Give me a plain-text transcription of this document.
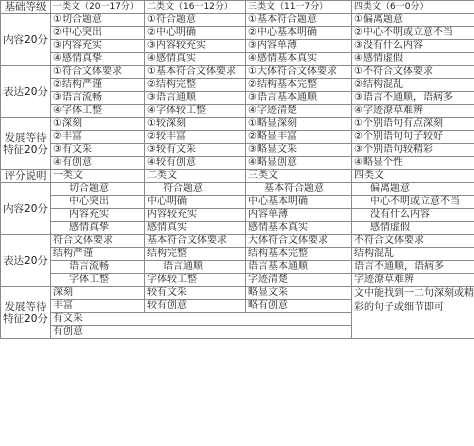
基础等级	一类文（20一17分）	二类文（16一12分）	三类文（11一7分）	四类文（6一0分）
内容20分	①切合题意	①符合题意	①基本符合题意	①偏离题意
	②中心突出	②中心明确	②中心基本明确	②中心不明或立意不当
	③内容充实	③内容较充实	③内容单薄	③没有什么内容
	④感情真挚	④感情真实	④感情基本真实	④感情虚假
表达20分	①符合文体要求	①基本符合文体要求	①大体符合文体要求	①不符合文体要求
	②结构严谨	②结构完整	②结构基本完整	②结构混乱
	③语言流畅	③语言通顺	③语言基本通顺	③语言不通顺，语病多
	④字体工整	④字体较工整	④字迹清楚	④字迹潦草难辨
发展等待
特征20分	①深刻	①较深刻	①略显深刻	①个别语句有点深刻
	②丰富	②较丰富	②略显丰富	②个别语句句子较好
	③有文采	③较有文采	③略显文采	③个别语句较精彩
	④有创意	④较有创意	④略显创意	④略显个性
评分说明	一类文	二类文	三类文	四类文
内容20分	切合题意	符合题意	基本符合题意	偏离题意
	中心突出	中心明确	中心基本明确	中心不明或立意不当
	内容充实	内容较充实	内容单薄	没有什么内容
	感情真挚	感情真实	感情基本真实	感情虚假
表达20分	符合文体要求	基本符合文体要求	大体符合文体要求	不符合文体要求
	结构严谨	结构完整	结构基本完整	结构混乱
	语言流畅	语言通顺	语言基本通顺	语言不通顺，语病多
	字体工整	字体较工整	字迹清楚	字迹潦草难辨
发展等待
特征20分	深刻	较有文采	略显文采	文中能找到一二句深刻或精彩的句子或细节即可
	丰富	较有创意	略有创意	
	有文采			
	有创意			
